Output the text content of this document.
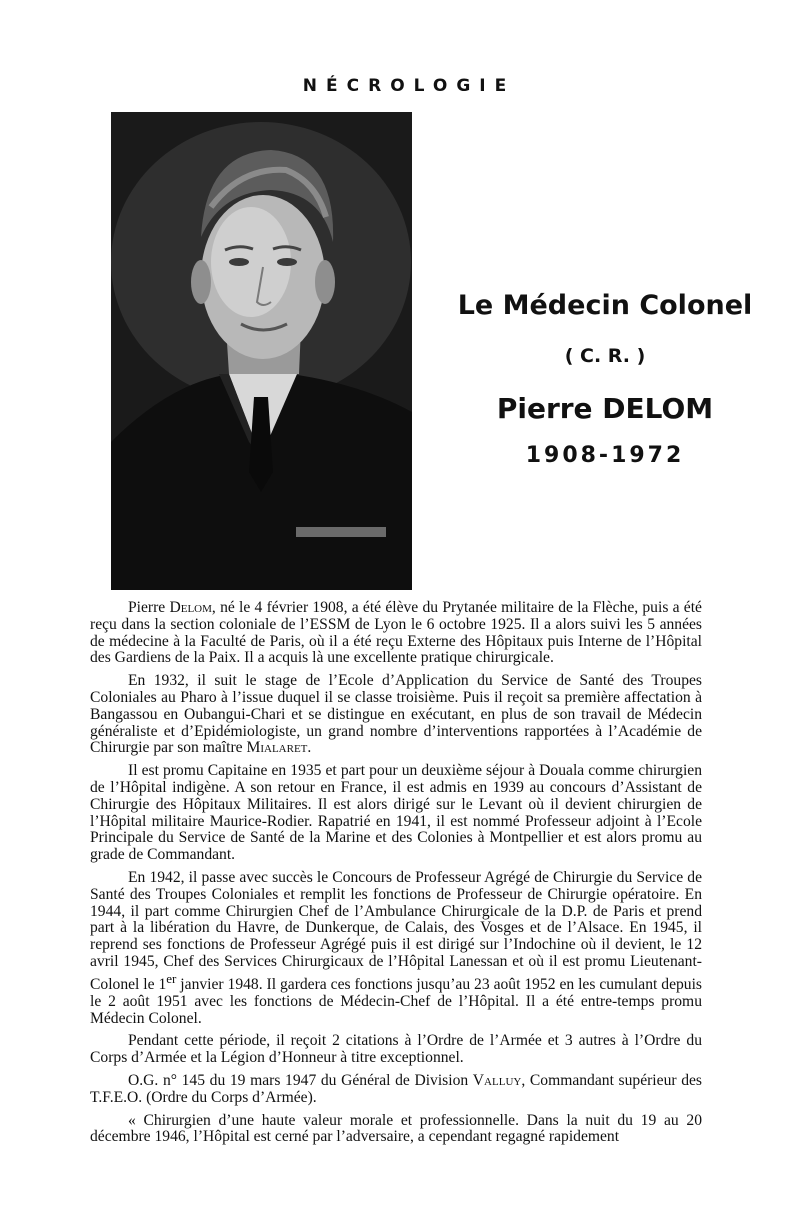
NÉCROLOGIE
Le Médecin Colonel
( C. R. )
Pierre DELOM
1908-1972

Pierre Delom, né le 4 février 1908, a été élève du Prytanée militaire de la Flèche, puis a été reçu dans la section coloniale de l’ESSM de Lyon le 6 octobre 1925. Il a alors suivi les 5 années de médecine à la Faculté de Paris, où il a été reçu Externe des Hôpitaux puis Interne de l’Hôpital des Gardiens de la Paix. Il a acquis là une excellente pratique chirurgicale.

En 1932, il suit le stage de l’Ecole d’Application du Service de Santé des Troupes Coloniales au Pharo à l’issue duquel il se classe troisième. Puis il reçoit sa première affectation à Bangassou en Oubangui-Chari et se distingue en exécutant, en plus de son travail de Médecin généraliste et d’Epidémiologiste, un grand nombre d’interventions rapportées à l’Académie de Chirurgie par son maître Mialaret.

Il est promu Capitaine en 1935 et part pour un deuxième séjour à Douala comme chirurgien de l’Hôpital indigène. A son retour en France, il est admis en 1939 au concours d’Assistant de Chirurgie des Hôpitaux Militaires. Il est alors dirigé sur le Levant où il devient chirurgien de l’Hôpital militaire Maurice-Rodier. Rapatrié en 1941, il est nommé Professeur adjoint à l’Ecole Principale du Service de Santé de la Marine et des Colonies à Montpellier et est alors promu au grade de Commandant.

En 1942, il passe avec succès le Concours de Professeur Agrégé de Chirurgie du Service de Santé des Troupes Coloniales et remplit les fonctions de Professeur de Chirurgie opératoire. En 1944, il part comme Chirurgien Chef de l’Ambulance Chirurgicale de la D.P. de Paris et prend part à la libération du Havre, de Dunkerque, de Calais, des Vosges et de l’Alsace. En 1945, il reprend ses fonctions de Professeur Agrégé puis il est dirigé sur l’Indochine où il devient, le 12 avril 1945, Chef des Services Chirurgicaux de l’Hôpital Lanessan et où il est promu Lieutenant-Colonel le 1er janvier 1948. Il gardera ces fonctions jusqu’au 23 août 1952 en les cumulant depuis le 2 août 1951 avec les fonctions de Médecin-Chef de l’Hôpital. Il a été entre-temps promu Médecin Colonel.

Pendant cette période, il reçoit 2 citations à l’Ordre de l’Armée et 3 autres à l’Ordre du Corps d’Armée et la Légion d’Honneur à titre exceptionnel.

O.G. n° 145 du 19 mars 1947 du Général de Division Valluy, Commandant supérieur des T.F.E.O. (Ordre du Corps d’Armée).

« Chirurgien d’une haute valeur morale et professionnelle. Dans la nuit du 19 au 20 décembre 1946, l’Hôpital est cerné par l’adversaire, a cependant regagné rapidement
